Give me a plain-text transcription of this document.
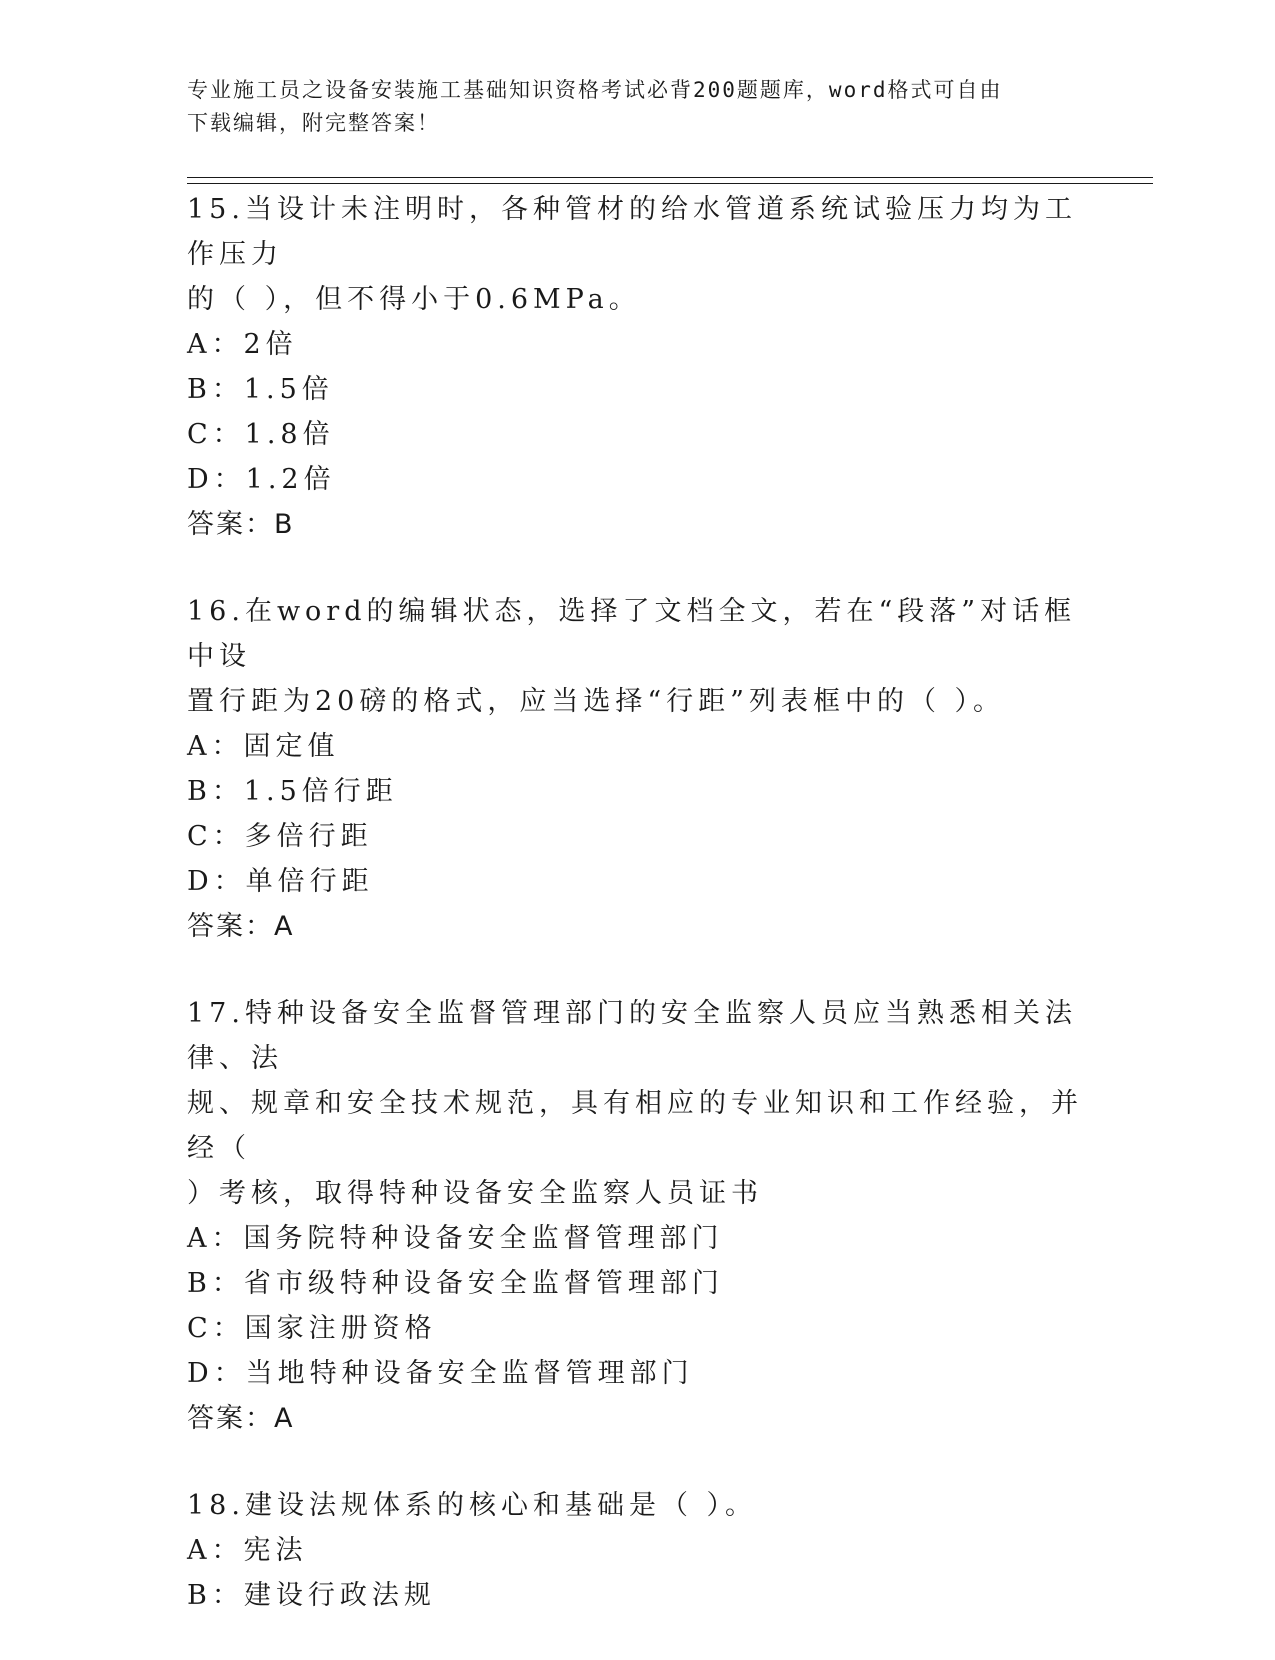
专业施工员之设备安装施工基础知识资格考试必背200题题库，word格式可自由
下载编辑，附完整答案！

15.当设计未注明时，各种管材的给水管道系统试验压力均为工作压力

的（ ），但不得小于0.6MPa。

A：2倍

B：1.5倍

C：1.8倍

D：1.2倍

答案：B

16.在word的编辑状态，选择了文档全文，若在“段落”对话框中设

置行距为20磅的格式，应当选择“行距”列表框中的（ ）。

A：固定值

B：1.5倍行距

C：多倍行距

D：单倍行距

答案：A

17.特种设备安全监督管理部门的安全监察人员应当熟悉相关法律、法

规、规章和安全技术规范，具有相应的专业知识和工作经验，并经（

）考核，取得特种设备安全监察人员证书

A：国务院特种设备安全监督管理部门

B：省市级特种设备安全监督管理部门

C：国家注册资格

D：当地特种设备安全监督管理部门

答案：A

18.建设法规体系的核心和基础是（ ）。

A：宪法

B：建设行政法规
